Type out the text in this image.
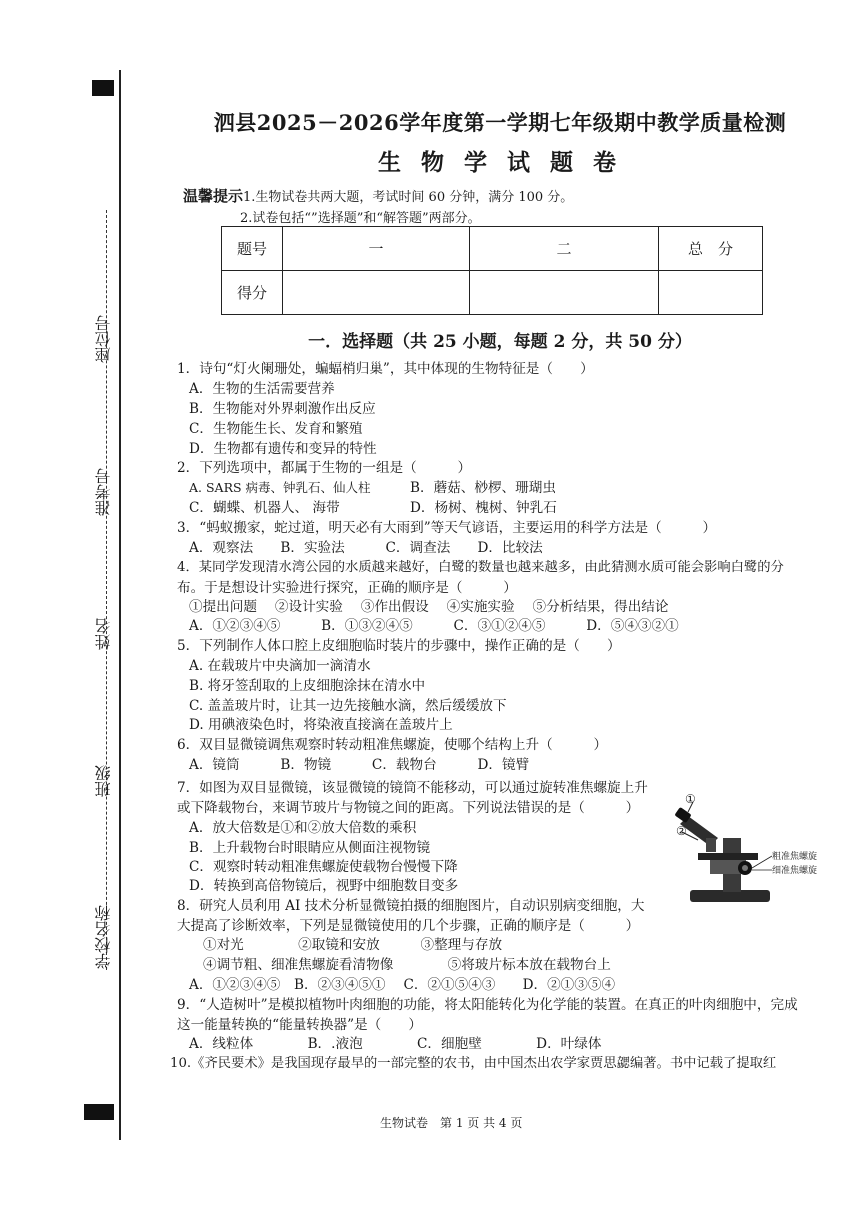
座位号
准考号
姓名
班级
学校名称
泗县2025－2026学年度第一学期七年级期中教学质量检测
生 物 学 试 题 卷
温馨提示1.生物试卷共两大题，考试时间 60 分钟，满分 100 分。
2.试卷包括“”选择题”和“解答题”两部分。
题号	一	二	总　分
得分			
一．选择题（共 25 小题，每题 2 分，共 50 分）
1．诗句“灯火阑珊处，蝙蝠梢归巢”，其中体现的生物特征是（　　）
A．生物的生活需要营养
B．生物能对外界刺激作出反应
C．生物能生长、发育和繁殖
D．生物都有遗传和变异的特性
2．下列选项中，都属于生物的一组是（　　　）
A. SARS 病毒、钟乳石、仙人柱	B．蘑菇、桫椤、珊瑚虫
C．蝴蝶、机器人、 海带	D．杨树、槐树、钟乳石
3．“蚂蚁搬家，蛇过道，明天必有大雨到”等天气谚语，主要运用的科学方法是（　　　）
A．观察法　　B．实验法　　　C．调查法　　D．比较法
4．某同学发现清水湾公园的水质越来越好，白鹭的数量也越来越多，由此猜测水质可能会影响白鹭的分
布。于是想设计实验进行探究，正确的顺序是（　　　）
①提出问题　 ②设计实验　 ③作出假设　 ④实施实验　 ⑤分析结果，得出结论
A．①②③④⑤　　　B．①③②④⑤　　　C．③①②④⑤　　　D．⑤④③②①
5．下列制作人体口腔上皮细胞临时装片的步骤中，操作正确的是（　　）
A. 在载玻片中央滴加一滴清水
B. 将牙签刮取的上皮细胞涂抹在清水中
C. 盖盖玻片时，让其一边先接触水滴，然后缓缓放下
D. 用碘液染色时，将染液直接滴在盖玻片上
6．双目显微镜调焦观察时转动粗准焦螺旋，使哪个结构上升（　　　）
A．镜筒　　　B．物镜　　　C．载物台　　　D．镜臂
7．如图为双目显微镜，该显微镜的镜筒不能移动，可以通过旋转准焦螺旋上升
或下降载物台，来调节玻片与物镜之间的距离。下列说法错误的是（　　　）
A．放大倍数是①和②放大倍数的乘积
B．上升载物台时眼睛应从侧面注视物镜
C．观察时转动粗准焦螺旋使载物台慢慢下降
D．转换到高倍物镜后，视野中细胞数目变多
8．研究人员利用 AI 技术分析显微镜拍摄的细胞图片，自动识别病变细胞，大
大提高了诊断效率，下列是显微镜使用的几个步骤，正确的顺序是（　　　）
①对光　　　　②取镜和安放　　　③整理与存放
④调节粗、细准焦螺旋看清物像　　　　⑤将玻片标本放在载物台上
A．①②③④⑤　B．②③④⑤①　 C．②①⑤④③　　D．②①③⑤④
9．“人造树叶”是模拟植物叶肉细胞的功能，将太阳能转化为化学能的装置。在真正的叶肉细胞中，完成
这一能量转换的“能量转换器”是（　　）
A．线粒体　　　　B．.液泡　　　　C．细胞壁　　　　D．叶绿体
10.《齐民要术》是我国现存最早的一部完整的农书，由中国杰出农学家贾思勰编著。书中记载了提取红
①
②
粗准焦螺旋
细准焦螺旋
生物试卷　第 1 页 共 4 页
